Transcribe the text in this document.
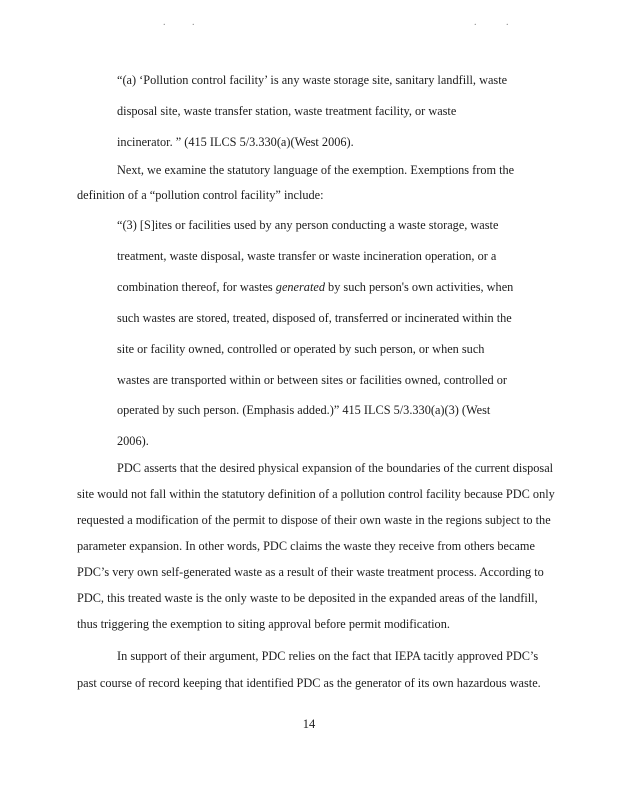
.	.	.	.
“(a) ‘Pollution control facility’ is any waste storage site, sanitary landfill, waste
disposal site, waste transfer station, waste treatment facility, or waste
incinerator. ” (415 ILCS 5/3.330(a)(West 2006).
Next, we examine the statutory language of the exemption. Exemptions from the
definition of a “pollution control facility” include:
“(3) [S]ites or facilities used by any person conducting a waste storage, waste
treatment, waste disposal, waste transfer or waste incineration operation, or a
combination thereof, for wastes generated by such person's own activities, when
such wastes are stored, treated, disposed of, transferred or incinerated within the
site or facility owned, controlled or operated by such person, or when such
wastes are transported within or between sites or facilities owned, controlled or
operated by such person. (Emphasis added.)” 415 ILCS 5/3.330(a)(3) (West
2006).
PDC asserts that the desired physical expansion of the boundaries of the current disposal
site would not fall within the statutory definition of a pollution control facility because PDC only
requested a modification of the permit to dispose of their own waste in the regions subject to the
parameter expansion. In other words, PDC claims the waste they receive from others became
PDC’s very own self-generated waste as a result of their waste treatment process. According to
PDC, this treated waste is the only waste to be deposited in the expanded areas of the landfill,
thus triggering the exemption to siting approval before permit modification.
In support of their argument, PDC relies on the fact that IEPA tacitly approved PDC’s
past course of record keeping that identified PDC as the generator of its own hazardous waste.
14
